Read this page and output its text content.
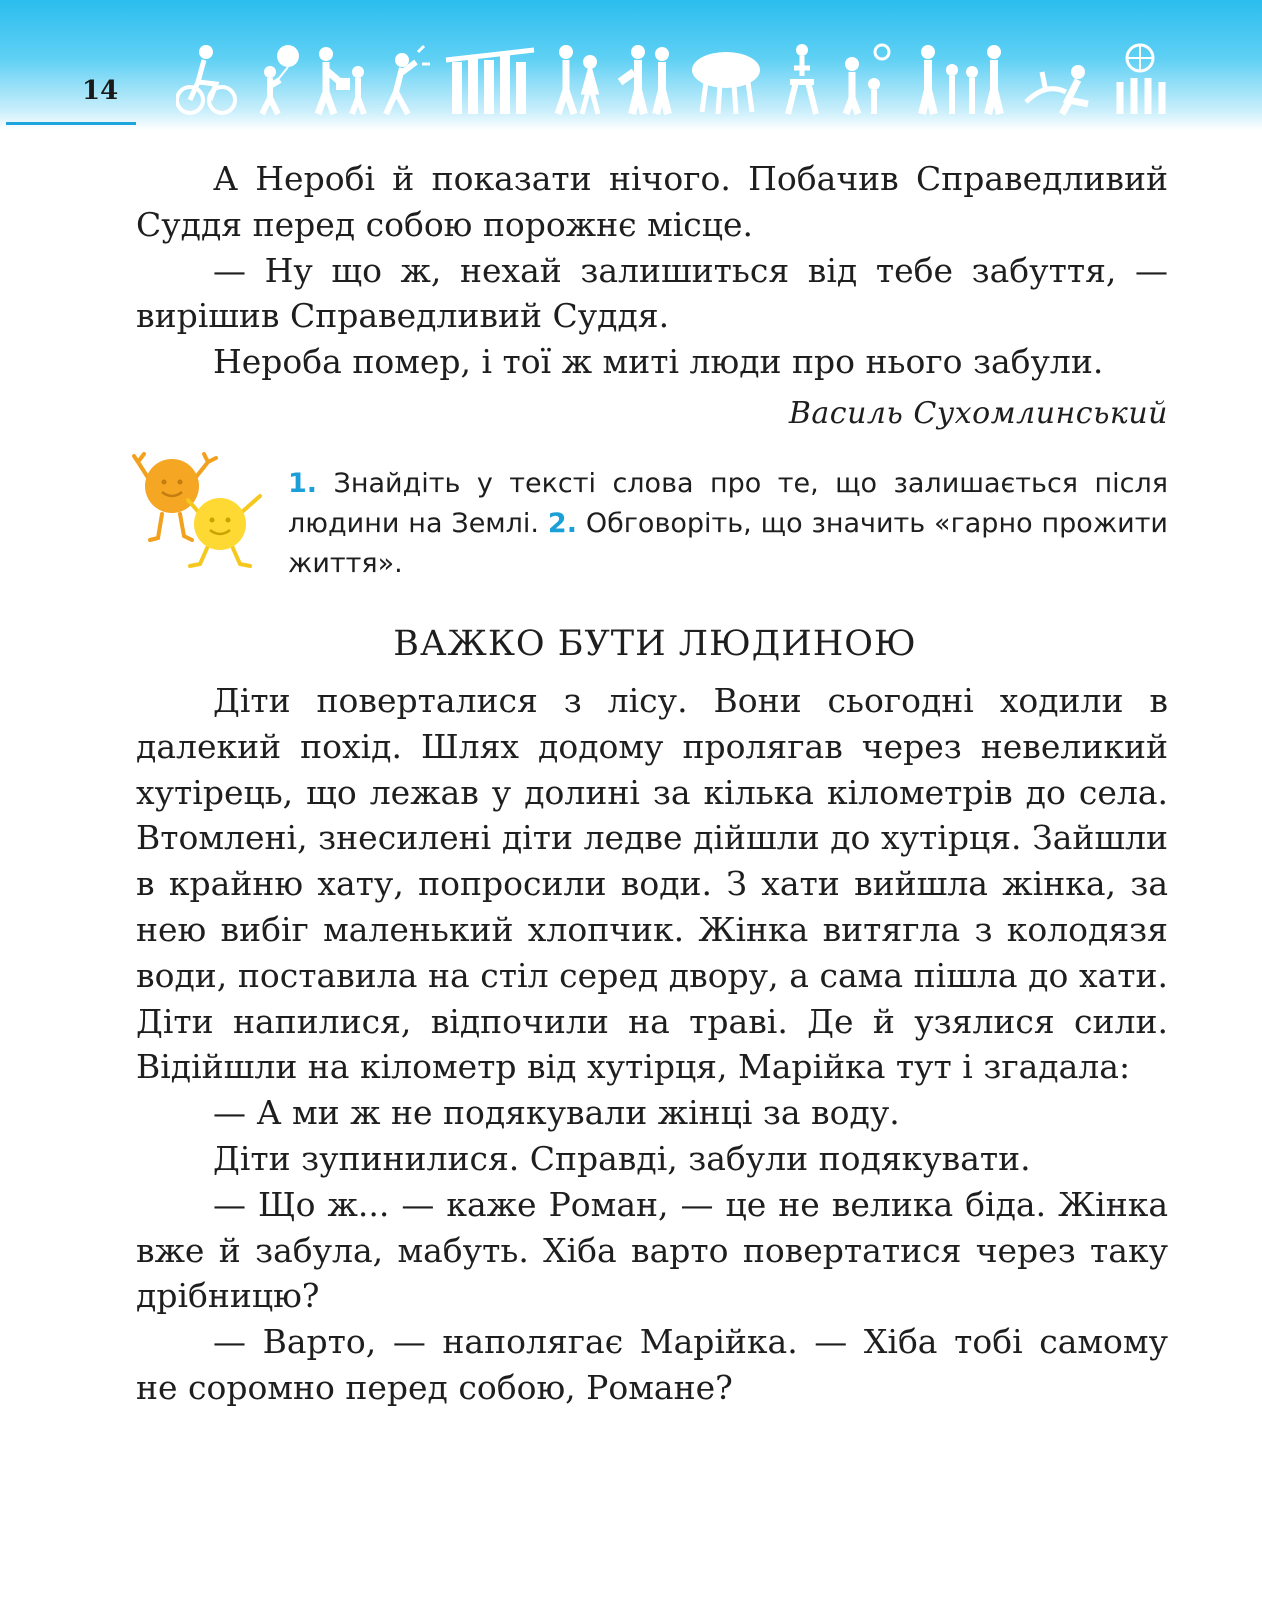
14

А Неробі й показати нічого. Побачив Справедливий Суддя перед собою порожнє місце.

— Ну що ж, нехай залишиться від тебе забуття, — вирішив Справедливий Суддя.

Нероба помер, і тої ж миті люди про нього забули.

Василь Сухомлинський
1. Знайдіть у тексті слова про те, що залишається після людини на Землі. 2. Обговоріть, що значить «гарно прожити життя».
ВАЖКО БУТИ ЛЮДИНОЮ

Діти поверталися з лісу. Вони сьогодні ходили в далекий похід. Шлях додому пролягав через невеликий хутірець, що лежав у долині за кілька кілометрів до села. Втомлені, знесилені діти ледве дійшли до хутірця. Зайшли в крайню хату, попросили води. З хати вийшла жінка, за нею вибіг маленький хлопчик. Жінка витягла з колодязя води, поставила на стіл серед двору, а сама пішла до хати. Діти напилися, відпочили на траві. Де й узялися сили. Відійшли на кілометр від хутірця, Марійка тут і згадала:

— А ми ж не подякували жінці за воду.

Діти зупинилися. Справді, забули подякувати.

— Що ж... — каже Роман, — це не велика біда. Жінка вже й забула, мабуть. Хіба варто повертатися через таку дрібницю?

— Варто, — наполягає Марійка. — Хіба тобі самому не соромно перед собою, Романе?
